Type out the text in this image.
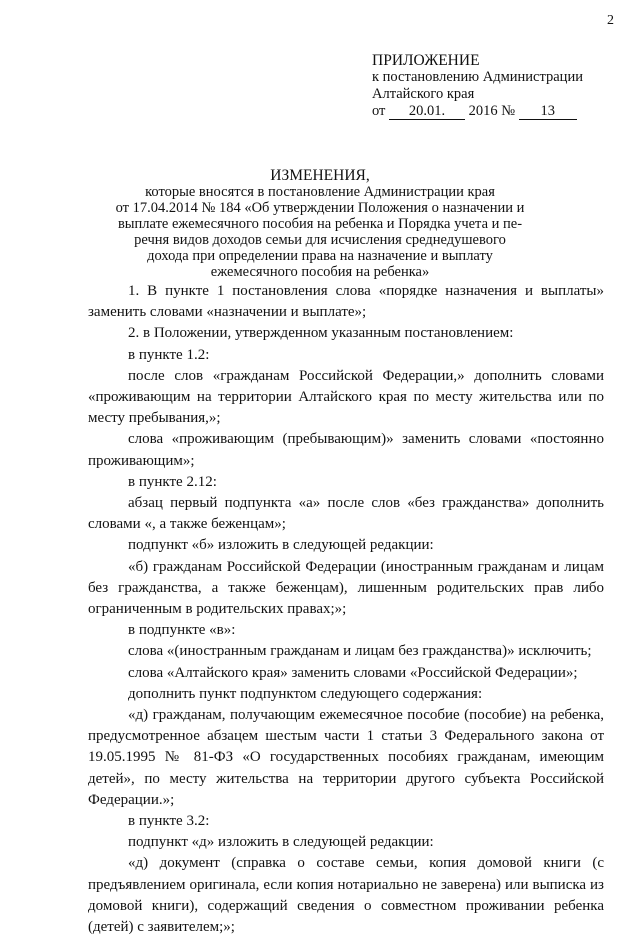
2
ПРИЛОЖЕНИЕ
к постановлению Администрации
Алтайского края
от 20.01. 2016 № 13
ИЗМЕНЕНИЯ,
которые вносятся в постановление Администрации края
от 17.04.2014 № 184 «Об утверждении Положения о назначении и
выплате ежемесячного пособия на ребенка и Порядка учета и пе-
речня видов доходов семьи для исчисления среднедушевого
дохода при определении права на назначение и выплату
ежемесячного пособия на ребенка»

1. В пункте 1 постановления слова «порядке назначения и выплаты» заменить словами «назначении и выплате»;

2. в Положении, утвержденном указанным постановлением:

в пункте 1.2:

после слов «гражданам Российской Федерации,» дополнить словами «проживающим на территории Алтайского края по месту жительства или по месту пребывания,»;

слова «проживающим (пребывающим)» заменить словами «постоянно проживающим»;

в пункте 2.12:

абзац первый подпункта «а» после слов «без гражданства» дополнить словами «, а также беженцам»;

подпункт «б» изложить в следующей редакции:

«б) гражданам Российской Федерации (иностранным гражданам и лицам без гражданства, а также беженцам), лишенным родительских прав либо ограниченным в родительских правах;»;

в подпункте «в»:

слова «(иностранным гражданам и лицам без гражданства)» исключить;

слова «Алтайского края» заменить словами «Российской Федерации»;

дополнить пункт подпунктом следующего содержания:

«д) гражданам, получающим ежемесячное пособие (пособие) на ребенка, предусмотренное абзацем шестым части 1 статьи 3 Федерального закона от 19.05.1995 № 81-ФЗ «О государственных пособиях гражданам, имеющим детей», по месту жительства на территории другого субъекта Российской Федерации.»;

в пункте 3.2:

подпункт «д» изложить в следующей редакции:

«д) документ (справка о составе семьи, копия домовой книги (с предъявлением оригинала, если копия нотариально не заверена) или выписка из домовой книги), содержащий сведения о совместном проживании ребенка (детей) с заявителем;»;
